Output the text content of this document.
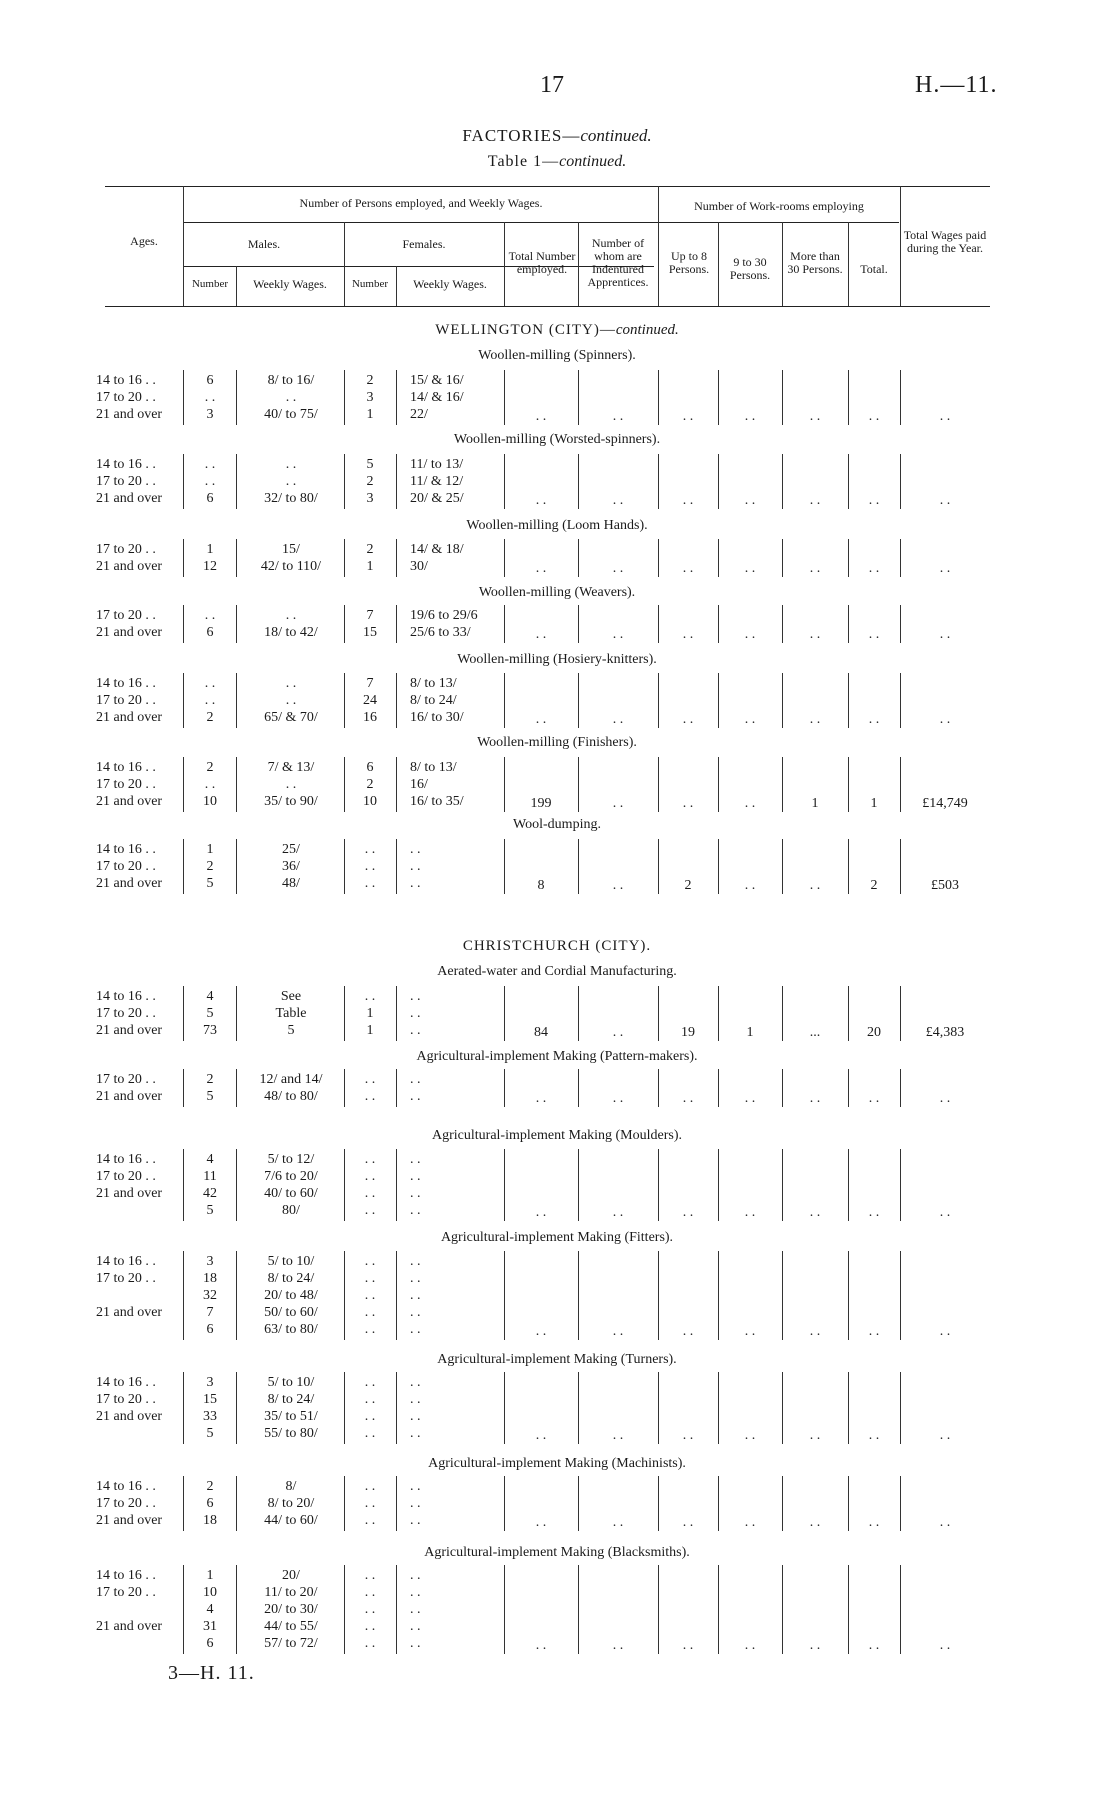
17	H.—11.
FACTORIES—continued.
Table 1—continued.
Ages.
Number of Persons employed, and Weekly Wages.	Number of Work-rooms employing
Males.	Females.
Number	Weekly Wages.	Number	Weekly Wages.
Total Number employed.
Number of whom are Indentured Apprentices.
Up to 8 Persons.	9 to 30 Persons.
More than 30 Persons.	Total.
Total Wages paid during the Year.
WELLINGTON (CITY)—continued.
CHRISTCHURCH (CITY).
Woollen-milling (Spinners).
14 to 16 . .	6	8/ to 16/	2	15/ & 16/
17 to 20 . .	. .	. .	3	14/ & 16/
21 and over	3	40/ to 75/	1	22/	. .	. .	. .	. .	. .	. .	. .
Woollen-milling (Worsted-spinners).
14 to 16 . .	. .	. .	5	11/ to 13/
17 to 20 . .	. .	. .	2	11/ & 12/
21 and over	6	32/ to 80/	3	20/ & 25/	. .	. .	. .	. .	. .	. .	. .
Woollen-milling (Loom Hands).
17 to 20 . .	1	15/	2	14/ & 18/
21 and over	12	42/ to 110/	1	30/	. .	. .	. .	. .	. .	. .	. .
Woollen-milling (Weavers).
17 to 20 . .	. .	. .	7	19/6 to 29/6
21 and over	6	18/ to 42/	15	25/6 to 33/	. .	. .	. .	. .	. .	. .	. .
Woollen-milling (Hosiery-knitters).
14 to 16 . .	. .	. .	7	8/ to 13/
17 to 20 . .	. .	. .	24	8/ to 24/
21 and over	2	65/ & 70/	16	16/ to 30/	. .	. .	. .	. .	. .	. .	. .
Woollen-milling (Finishers).
14 to 16 . .	2	7/ & 13/	6	8/ to 13/
17 to 20 . .	. .	. .	2	16/
21 and over	10	35/ to 90/	10	16/ to 35/	199	. .	. .	. .	1	1	£14,749
Wool-dumping.
14 to 16 . .	1	25/	. .	. .
17 to 20 . .	2	36/	. .	. .
21 and over	5	48/	. .	. .	8	. .	2	. .	. .	2	£503
Aerated-water and Cordial Manufacturing.
14 to 16 . .	4	See	. .	. .
17 to 20 . .	5	Table	1	. .
21 and over	73	5	1	. .	84	. .	19	1	...	20	£4,383
Agricultural-implement Making (Pattern-makers).
17 to 20 . .	2	12/ and 14/	. .	. .
21 and over	5	48/ to 80/	. .	. .	. .	. .	. .	. .	. .	. .	. .
Agricultural-implement Making (Moulders).
14 to 16 . .	4	5/ to 12/	. .	. .
17 to 20 . .	11	7/6 to 20/	. .	. .
21 and over	42	40/ to 60/	. .	. .
5	80/	. .	. .	. .	. .	. .	. .	. .	. .	. .
Agricultural-implement Making (Fitters).
14 to 16 . .	3	5/ to 10/	. .	. .
17 to 20 . .	18	8/ to 24/	. .	. .
32	20/ to 48/	. .	. .
21 and over	7	50/ to 60/	. .	. .
6	63/ to 80/	. .	. .	. .	. .	. .	. .	. .	. .	. .
Agricultural-implement Making (Turners).
14 to 16 . .	3	5/ to 10/	. .	. .
17 to 20 . .	15	8/ to 24/	. .	. .
21 and over	33	35/ to 51/	. .	. .
5	55/ to 80/	. .	. .	. .	. .	. .	. .	. .	. .	. .
Agricultural-implement Making (Machinists).
14 to 16 . .	2	8/	. .	. .
17 to 20 . .	6	8/ to 20/	. .	. .
21 and over	18	44/ to 60/	. .	. .	. .	. .	. .	. .	. .	. .	. .
Agricultural-implement Making (Blacksmiths).
14 to 16 . .	1	20/	. .	. .
17 to 20 . .	10	11/ to 20/	. .	. .
4	20/ to 30/	. .	. .
21 and over	31	44/ to 55/	. .	. .
6	57/ to 72/	. .	. .	. .	. .	. .	. .	. .	. .	. .
3—H. 11.
